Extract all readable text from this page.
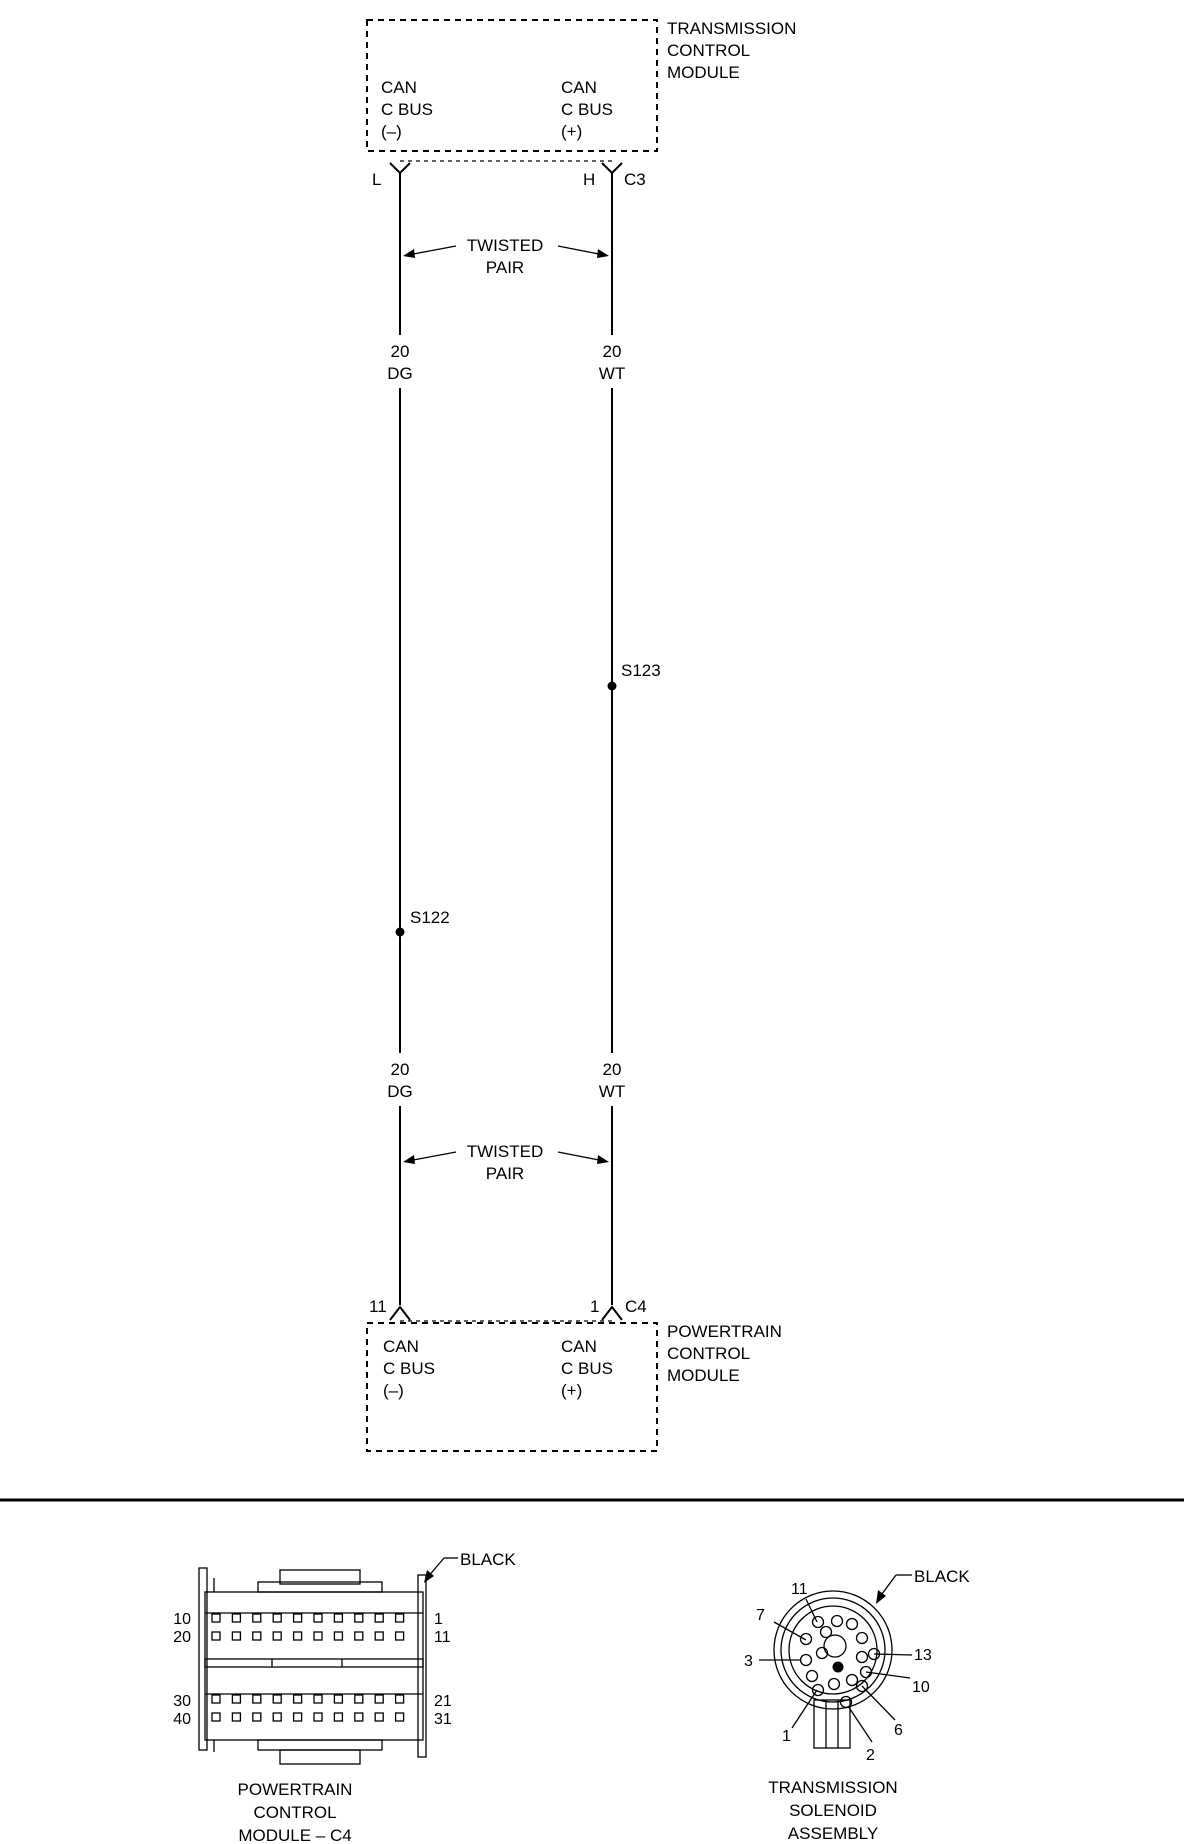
TRANSMISSION
CONTROL
MODULE
CAN
C BUS
(–)
CAN
C BUS
(+)
L	H C3
20
DG
S122
20
DG
20
WT
S123
20
WT
TWISTED
PAIR
TWISTED
PAIR
11	1 C4
POWERTRAIN
CONTROL
MODULE
CAN
C BUS
(–)
CAN
C BUS
(+)
10
20
30
40
1
11
21
31
BLACK
POWERTRAIN
CONTROL
MODULE – C4
11
7
3
1
2
6
10
13
BLACK
TRANSMISSION
SOLENOID
ASSEMBLY
